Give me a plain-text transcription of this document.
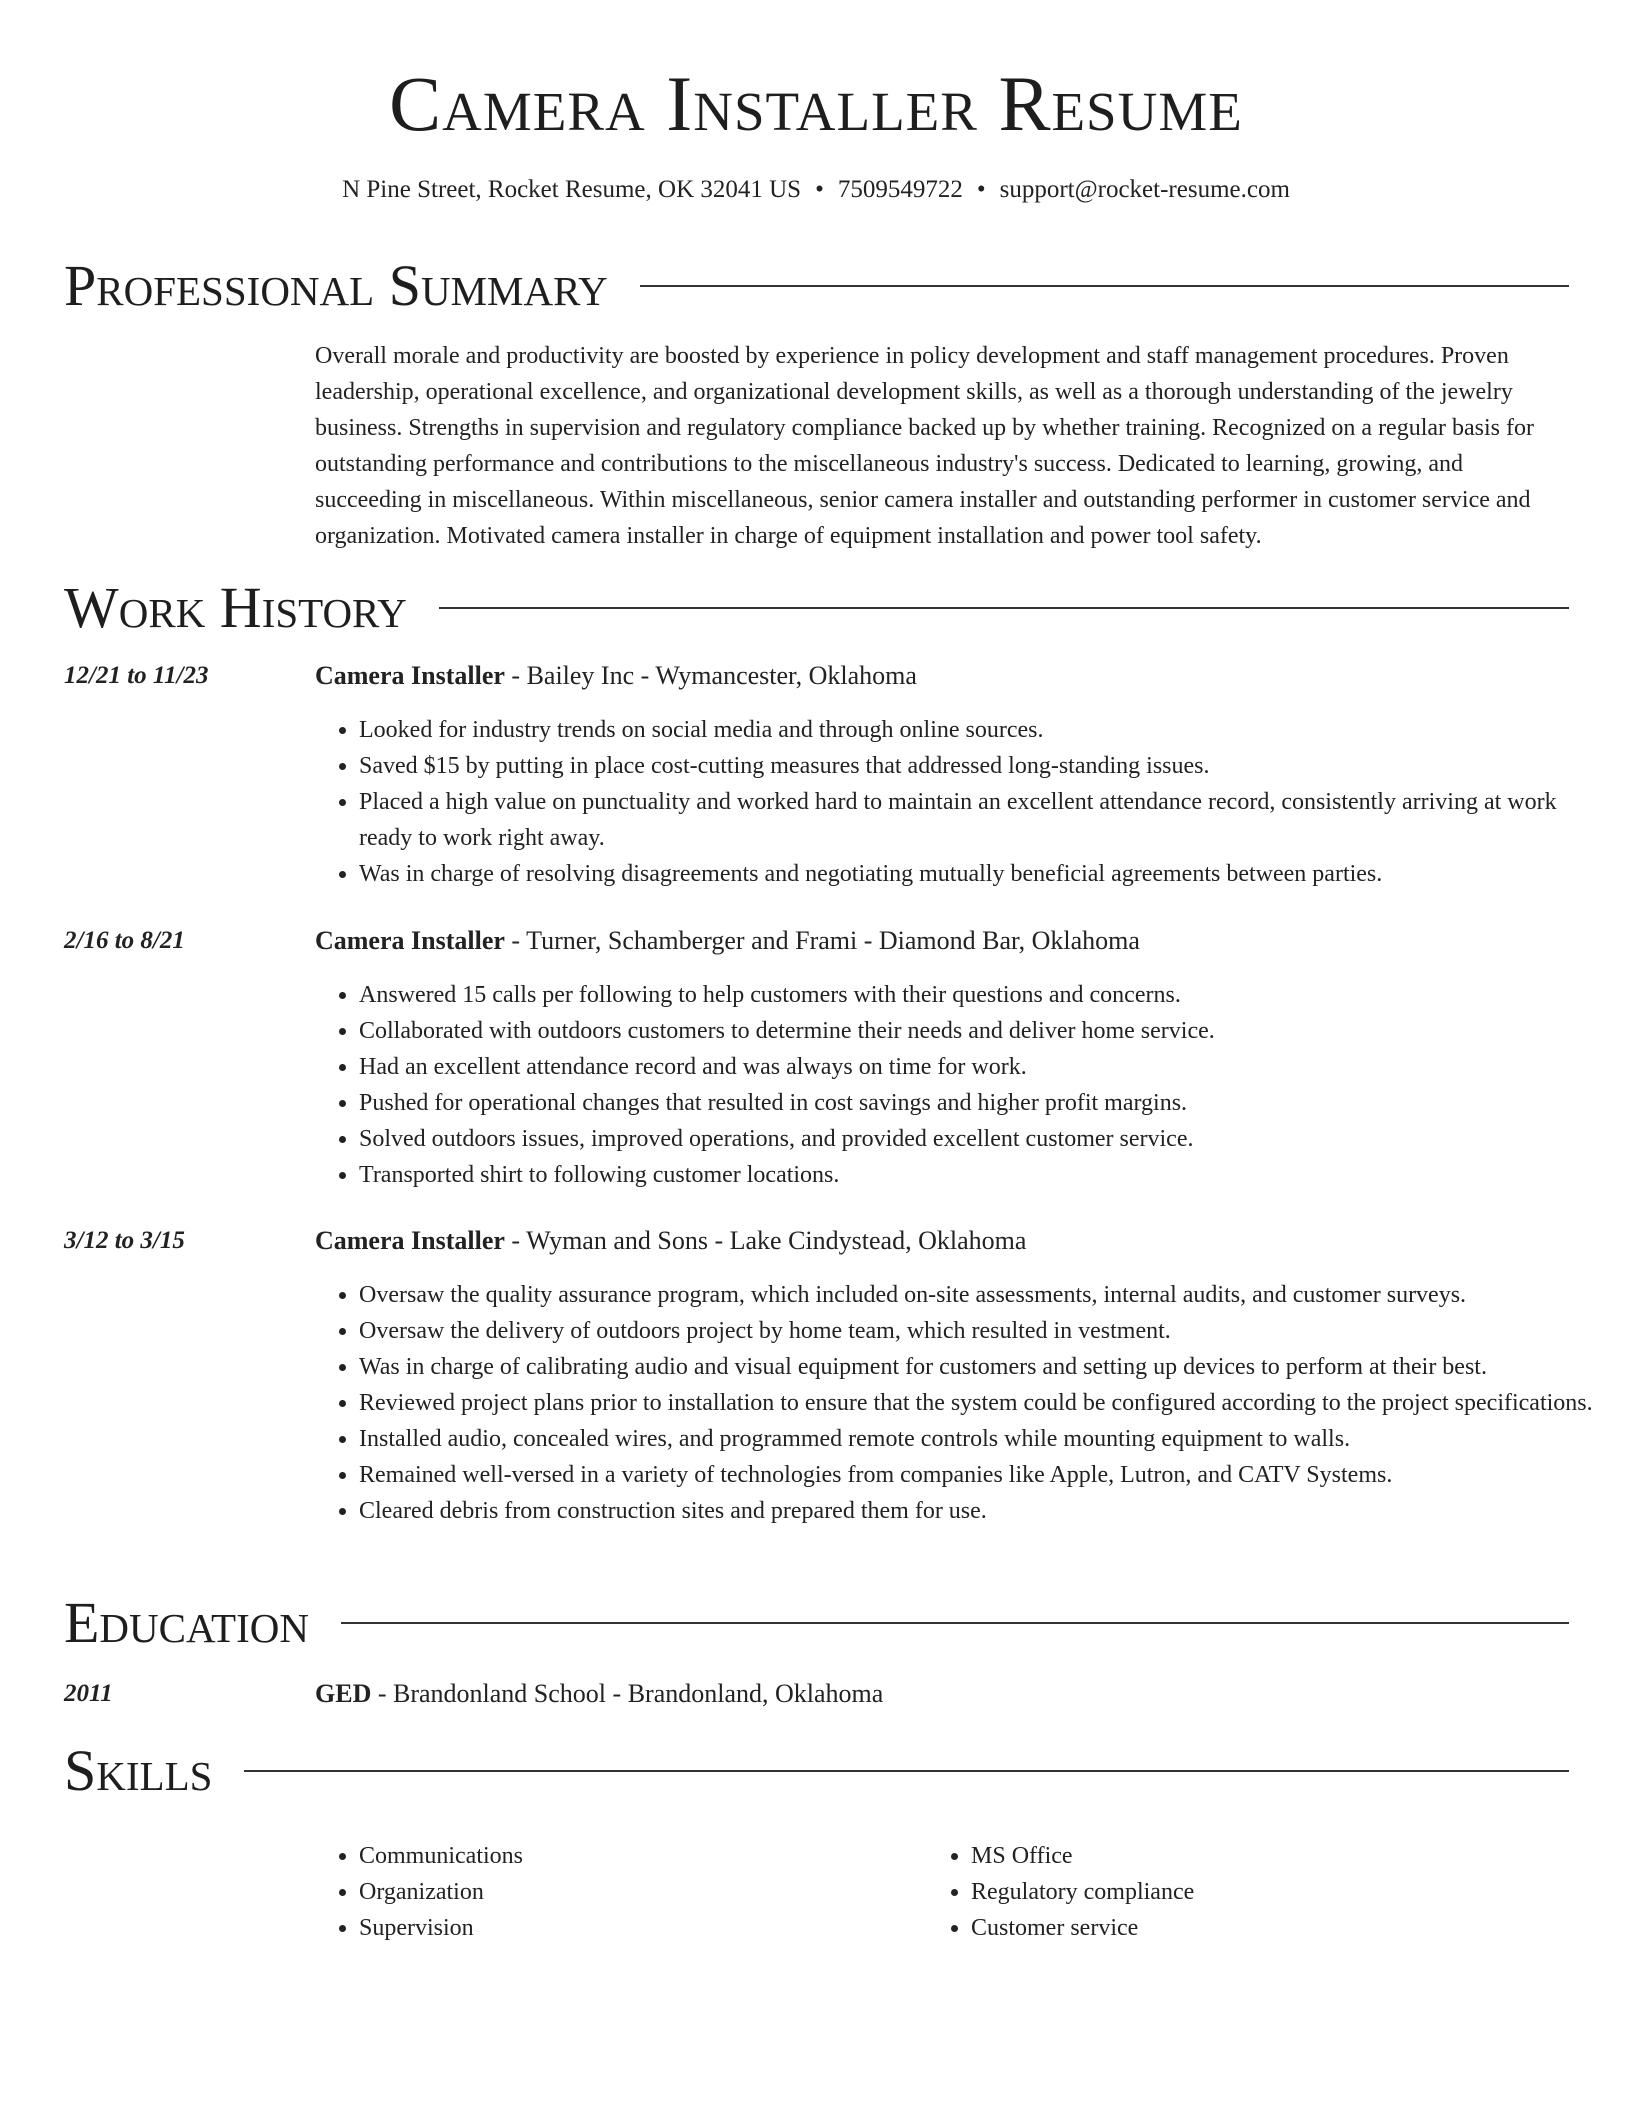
Camera Installer Resume
N Pine Street, Rocket Resume, OK 32041 US • 7509549722 • support@rocket-resume.com
Professional Summary

Overall morale and productivity are boosted by experience in policy development and staff management procedures. Proven leadership, operational excellence, and organizational development skills, as well as a thorough understanding of the jewelry business. Strengths in supervision and regulatory compliance backed up by whether training. Recognized on a regular basis for outstanding performance and contributions to the miscellaneous industry's success. Dedicated to learning, growing, and succeeding in miscellaneous. Within miscellaneous, senior camera installer and outstanding performer in customer service and organization. Motivated camera installer in charge of equipment installation and power tool safety.

Work History
12/21 to 11/23	Camera Installer - Bailey Inc - Wymancester, Oklahoma
• Looked for industry trends on social media and through online sources.
• Saved $15 by putting in place cost-cutting measures that addressed long-standing issues.
• Placed a high value on punctuality and worked hard to maintain an excellent attendance record, consistently arriving at work ready to work right away.
• Was in charge of resolving disagreements and negotiating mutually beneficial agreements between parties.
2/16 to 8/21	Camera Installer - Turner, Schamberger and Frami - Diamond Bar, Oklahoma
• Answered 15 calls per following to help customers with their questions and concerns.
• Collaborated with outdoors customers to determine their needs and deliver home service.
• Had an excellent attendance record and was always on time for work.
• Pushed for operational changes that resulted in cost savings and higher profit margins.
• Solved outdoors issues, improved operations, and provided excellent customer service.
• Transported shirt to following customer locations.
3/12 to 3/15	Camera Installer - Wyman and Sons - Lake Cindystead, Oklahoma
• Oversaw the quality assurance program, which included on-site assessments, internal audits, and customer surveys.
• Oversaw the delivery of outdoors project by home team, which resulted in vestment.
• Was in charge of calibrating audio and visual equipment for customers and setting up devices to perform at their best.
• Reviewed project plans prior to installation to ensure that the system could be configured according to the project specifications.
• Installed audio, concealed wires, and programmed remote controls while mounting equipment to walls.
• Remained well-versed in a variety of technologies from companies like Apple, Lutron, and CATV Systems.
• Cleared debris from construction sites and prepared them for use.
Education
2011	GED - Brandonland School - Brandonland, Oklahoma
Skills
• Communications
• Organization
• Supervision
• MS Office
• Regulatory compliance
• Customer service
